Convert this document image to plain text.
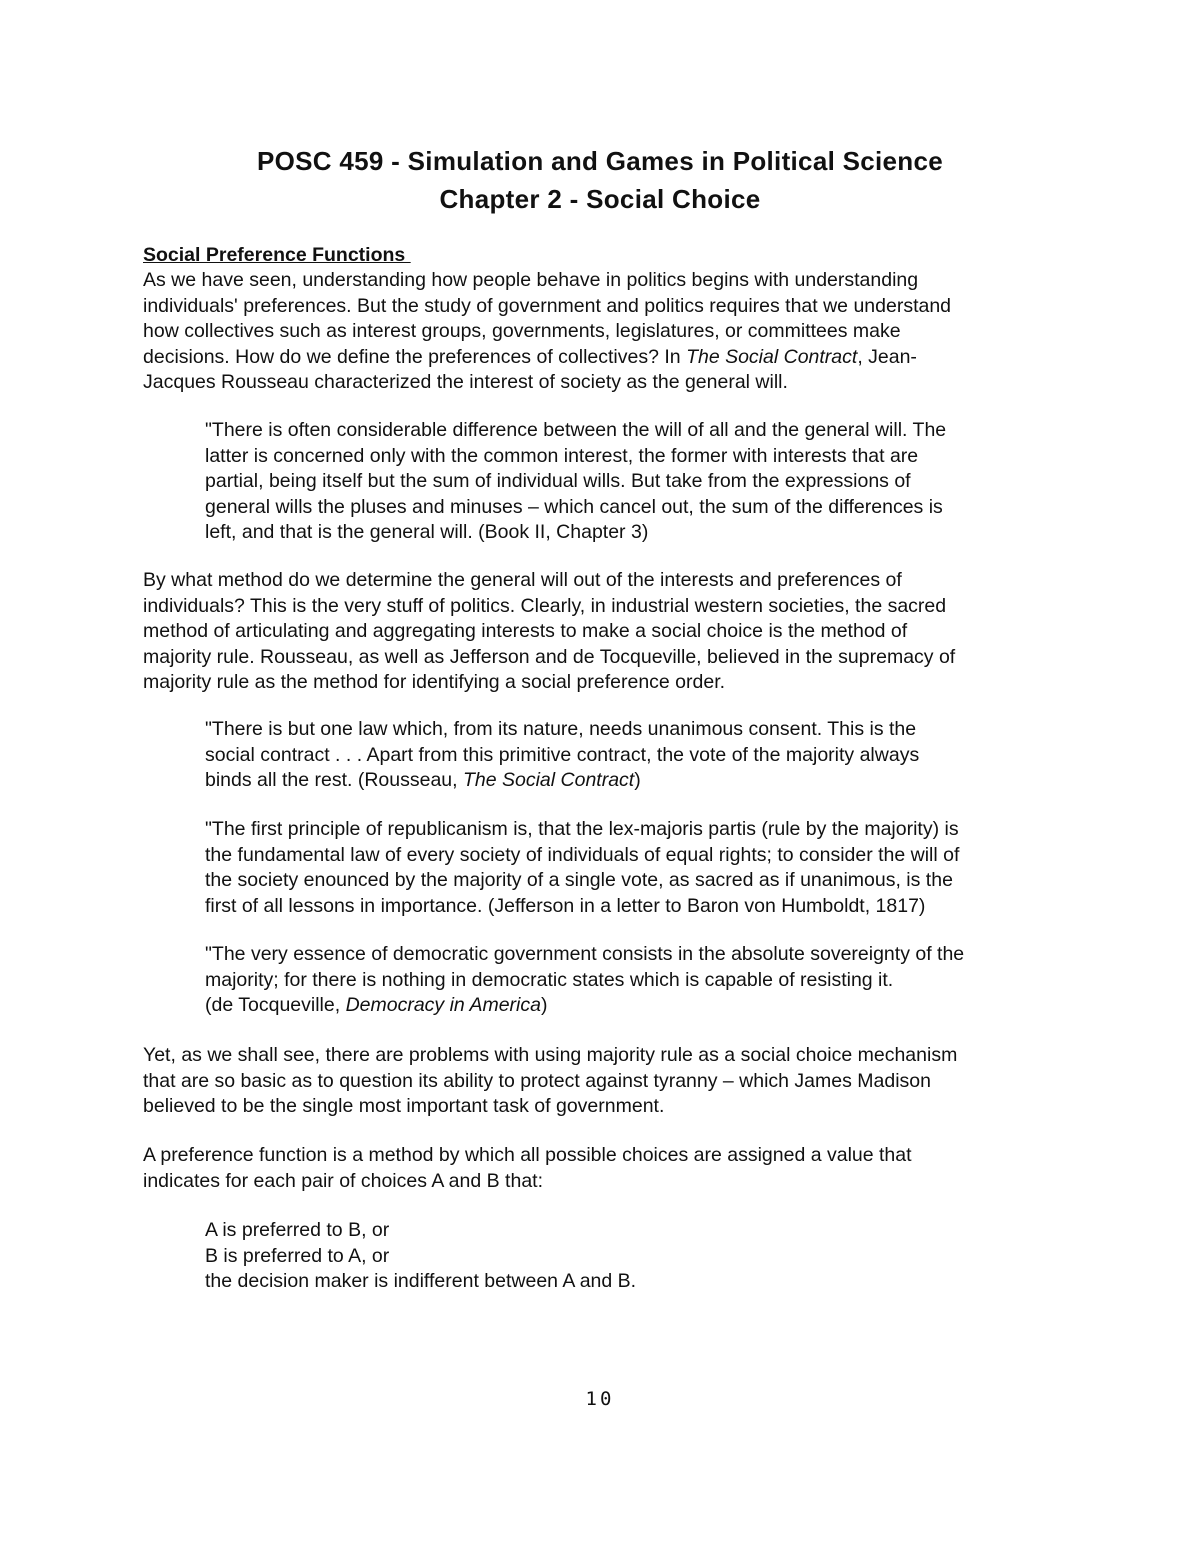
POSC 459 - Simulation and Games in Political Science
Chapter 2 - Social Choice
Social Preference Functions

As we have seen, understanding how people behave in politics begins with understanding
individuals' preferences. But the study of government and politics requires that we understand
how collectives such as interest groups, governments, legislatures, or committees make
decisions. How do we define the preferences of collectives? In The Social Contract, Jean-
Jacques Rousseau characterized the interest of society as the general will.

"There is often considerable difference between the will of all and the general will. The
latter is concerned only with the common interest, the former with interests that are
partial, being itself but the sum of individual wills. But take from the expressions of
general wills the pluses and minuses – which cancel out, the sum of the differences is
left, and that is the general will. (Book II, Chapter 3)

By what method do we determine the general will out of the interests and preferences of
individuals? This is the very stuff of politics. Clearly, in industrial western societies, the sacred
method of articulating and aggregating interests to make a social choice is the method of
majority rule. Rousseau, as well as Jefferson and de Tocqueville, believed in the supremacy of
majority rule as the method for identifying a social preference order.

"There is but one law which, from its nature, needs unanimous consent. This is the
social contract . . . Apart from this primitive contract, the vote of the majority always
binds all the rest. (Rousseau, The Social Contract)

"The first principle of republicanism is, that the lex-majoris partis (rule by the majority) is
the fundamental law of every society of individuals of equal rights; to consider the will of
the society enounced by the majority of a single vote, as sacred as if unanimous, is the
first of all lessons in importance. (Jefferson in a letter to Baron von Humboldt, 1817)

"The very essence of democratic government consists in the absolute sovereignty of the
majority; for there is nothing in democratic states which is capable of resisting it.
(de Tocqueville, Democracy in America)

Yet, as we shall see, there are problems with using majority rule as a social choice mechanism
that are so basic as to question its ability to protect against tyranny – which James Madison
believed to be the single most important task of government.

A preference function is a method by which all possible choices are assigned a value that
indicates for each pair of choices A and B that:

A is preferred to B, or
B is preferred to A, or
the decision maker is indifferent between A and B.

10
